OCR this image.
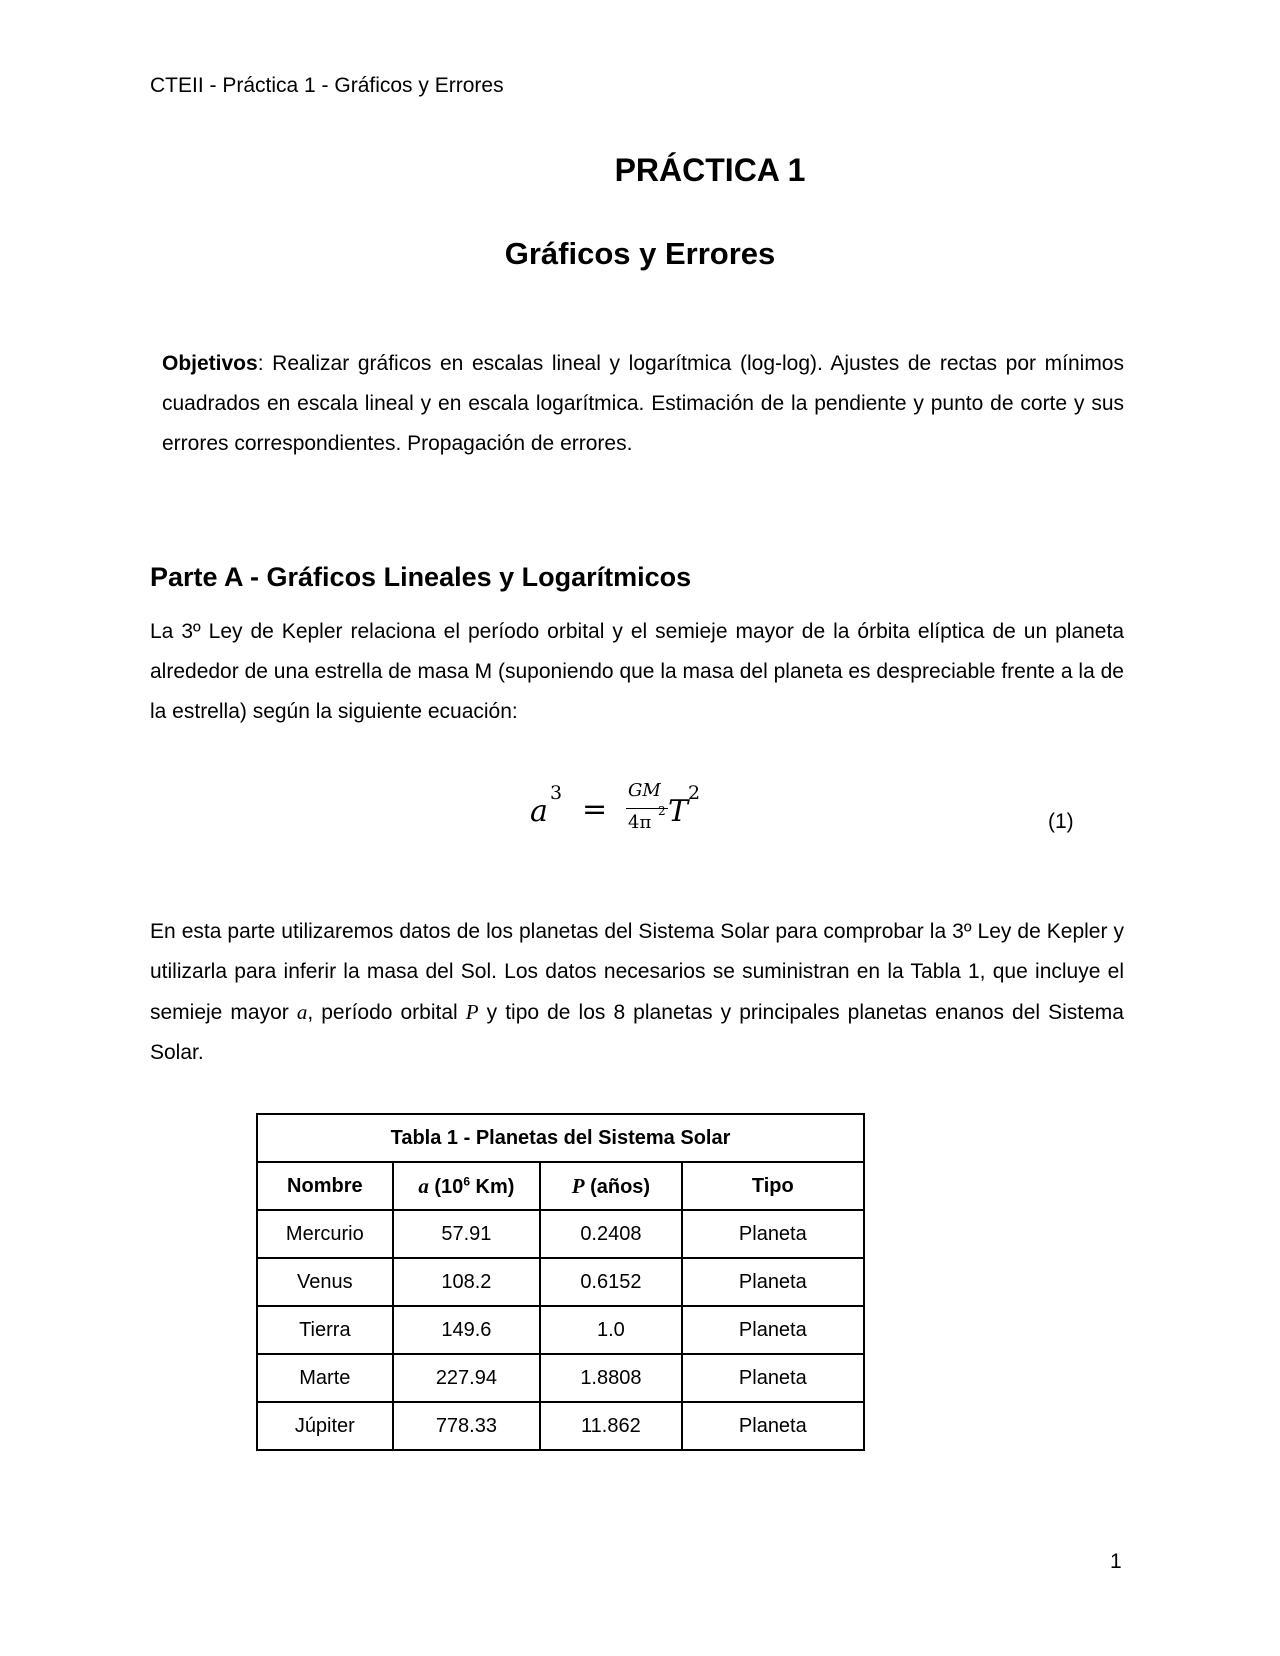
CTEII - Práctica 1 - Gráficos y Errores
PRÁCTICA 1
Gráficos y Errores
Objetivos: Realizar gráficos en escalas lineal y logarítmica (log-log). Ajustes de rectas por mínimos cuadrados en escala lineal y en escala logarítmica. Estimación de la pendiente y punto de corte y sus errores correspondientes. Propagación de errores.
Parte A - Gráficos Lineales y Logarítmicos
La 3º Ley de Kepler relaciona el período orbital y el semieje mayor de la órbita elíptica de un planeta alrededor de una estrella de masa M (suponiendo que la masa del planeta es despreciable frente a la de la estrella) según la siguiente ecuación:
a
3 =
GM
4π
2 T
2
(1)
En esta parte utilizaremos datos de los planetas del Sistema Solar para comprobar la 3º Ley de Kepler y utilizarla para inferir la masa del Sol. Los datos necesarios se suministran en la Tabla 1, que incluye el semieje mayor a, período orbital P y tipo de los 8 planetas y principales planetas enanos del Sistema Solar.
Tabla 1 - Planetas del Sistema Solar			
Nombre	a ($10^6$ Km)	P (años)	Tipo
Mercurio	57.91	0.2408	Planeta
Venus	108.2	0.6152	Planeta
Tierra	149.6	1.0	Planeta
Marte	227.94	1.8808	Planeta
Júpiter	778.33	11.862	Planeta
1
